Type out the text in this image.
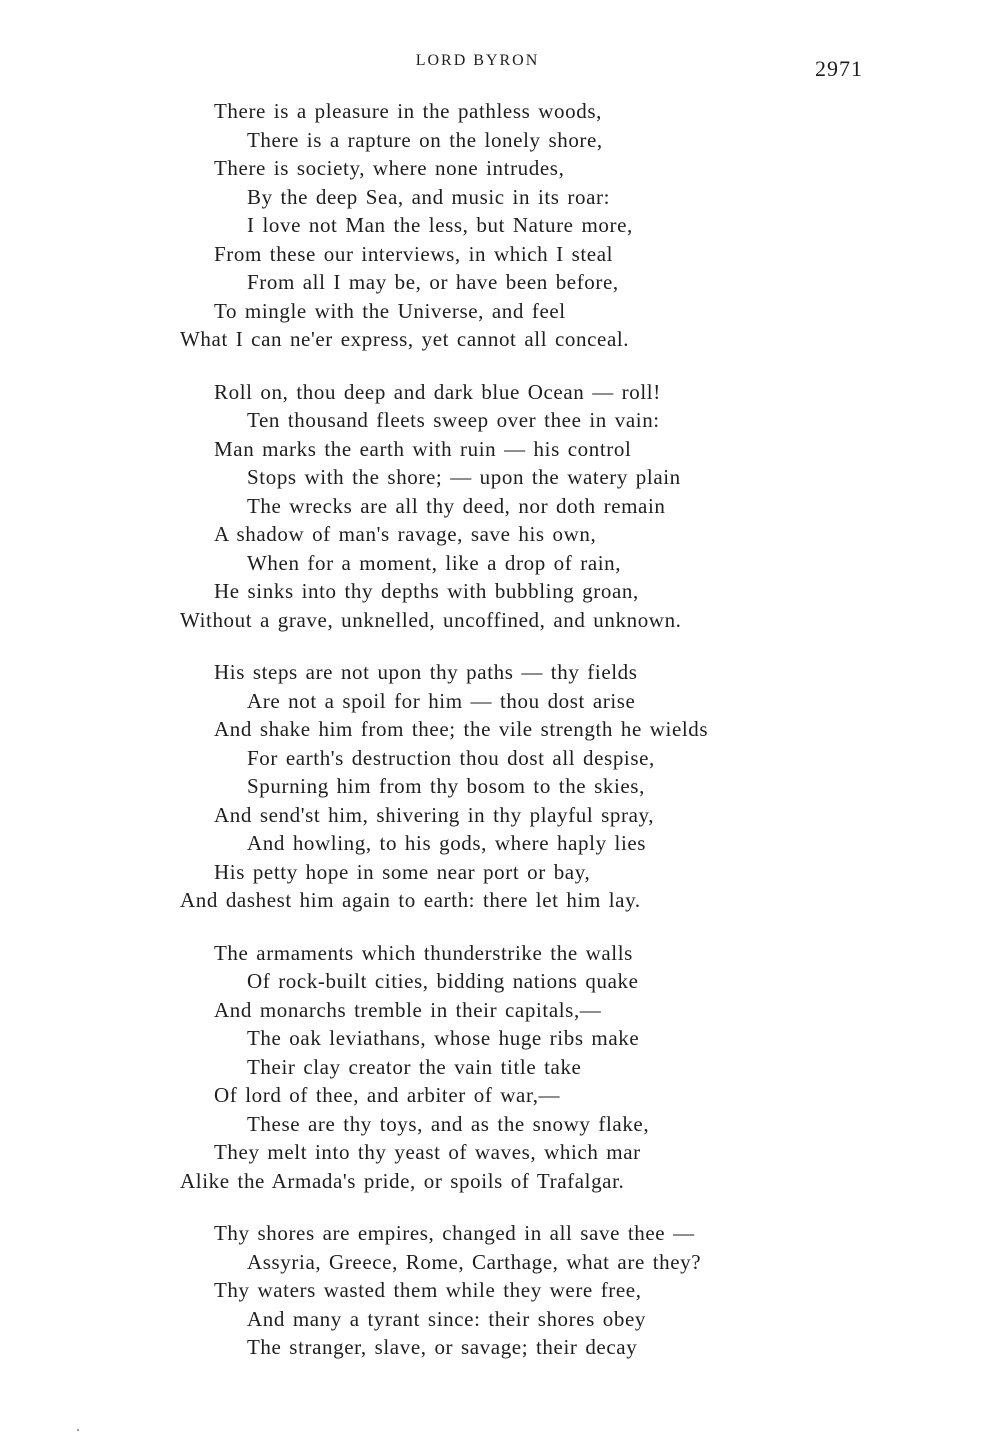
LORD BYRON	2971
There is a pleasure in the pathless woods,
There is a rapture on the lonely shore,
There is society, where none intrudes,
By the deep Sea, and music in its roar:
I love not Man the less, but Nature more,
From these our interviews, in which I steal
From all I may be, or have been before,
To mingle with the Universe, and feel
What I can ne'er express, yet cannot all conceal.
Roll on, thou deep and dark blue Ocean — roll!
Ten thousand fleets sweep over thee in vain:
Man marks the earth with ruin — his control
Stops with the shore; — upon the watery plain
The wrecks are all thy deed, nor doth remain
A shadow of man's ravage, save his own,
When for a moment, like a drop of rain,
He sinks into thy depths with bubbling groan,
Without a grave, unknelled, uncoffined, and unknown.
His steps are not upon thy paths — thy fields
Are not a spoil for him — thou dost arise
And shake him from thee; the vile strength he wields
For earth's destruction thou dost all despise,
Spurning him from thy bosom to the skies,
And send'st him, shivering in thy playful spray,
And howling, to his gods, where haply lies
His petty hope in some near port or bay,
And dashest him again to earth: there let him lay.
The armaments which thunderstrike the walls
Of rock-built cities, bidding nations quake
And monarchs tremble in their capitals,—
The oak leviathans, whose huge ribs make
Their clay creator the vain title take
Of lord of thee, and arbiter of war,—
These are thy toys, and as the snowy flake,
They melt into thy yeast of waves, which mar
Alike the Armada's pride, or spoils of Trafalgar.
Thy shores are empires, changed in all save thee —
Assyria, Greece, Rome, Carthage, what are they?
Thy waters wasted them while they were free,
And many a tyrant since: their shores obey
The stranger, slave, or savage; their decay
